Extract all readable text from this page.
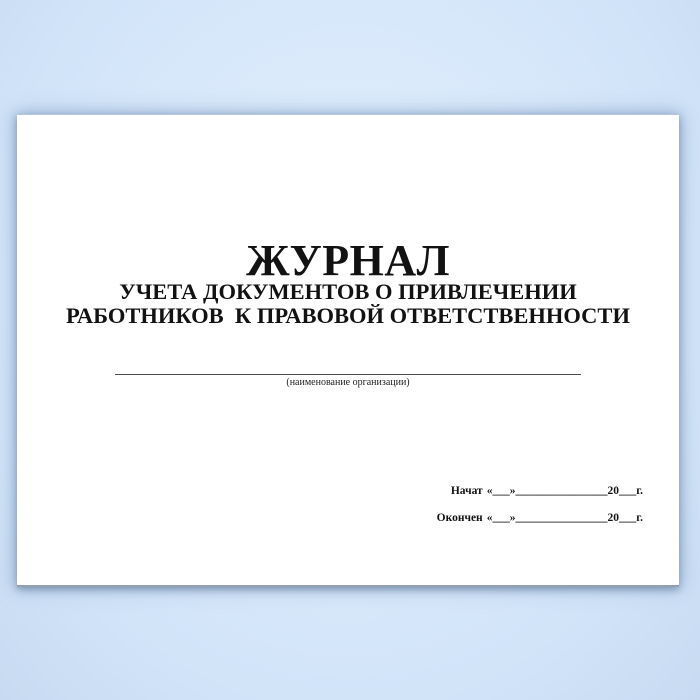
ЖУРНАЛ
УЧЕТА ДОКУМЕНТОВ О ПРИВЛЕЧЕНИИ
РАБОТНИКОВ  К ПРАВОВОЙ ОТВЕТСТВЕННОСТИ
(наименование организации)
Начат «___»________________20___г.
Окончен «___»________________20___г.
